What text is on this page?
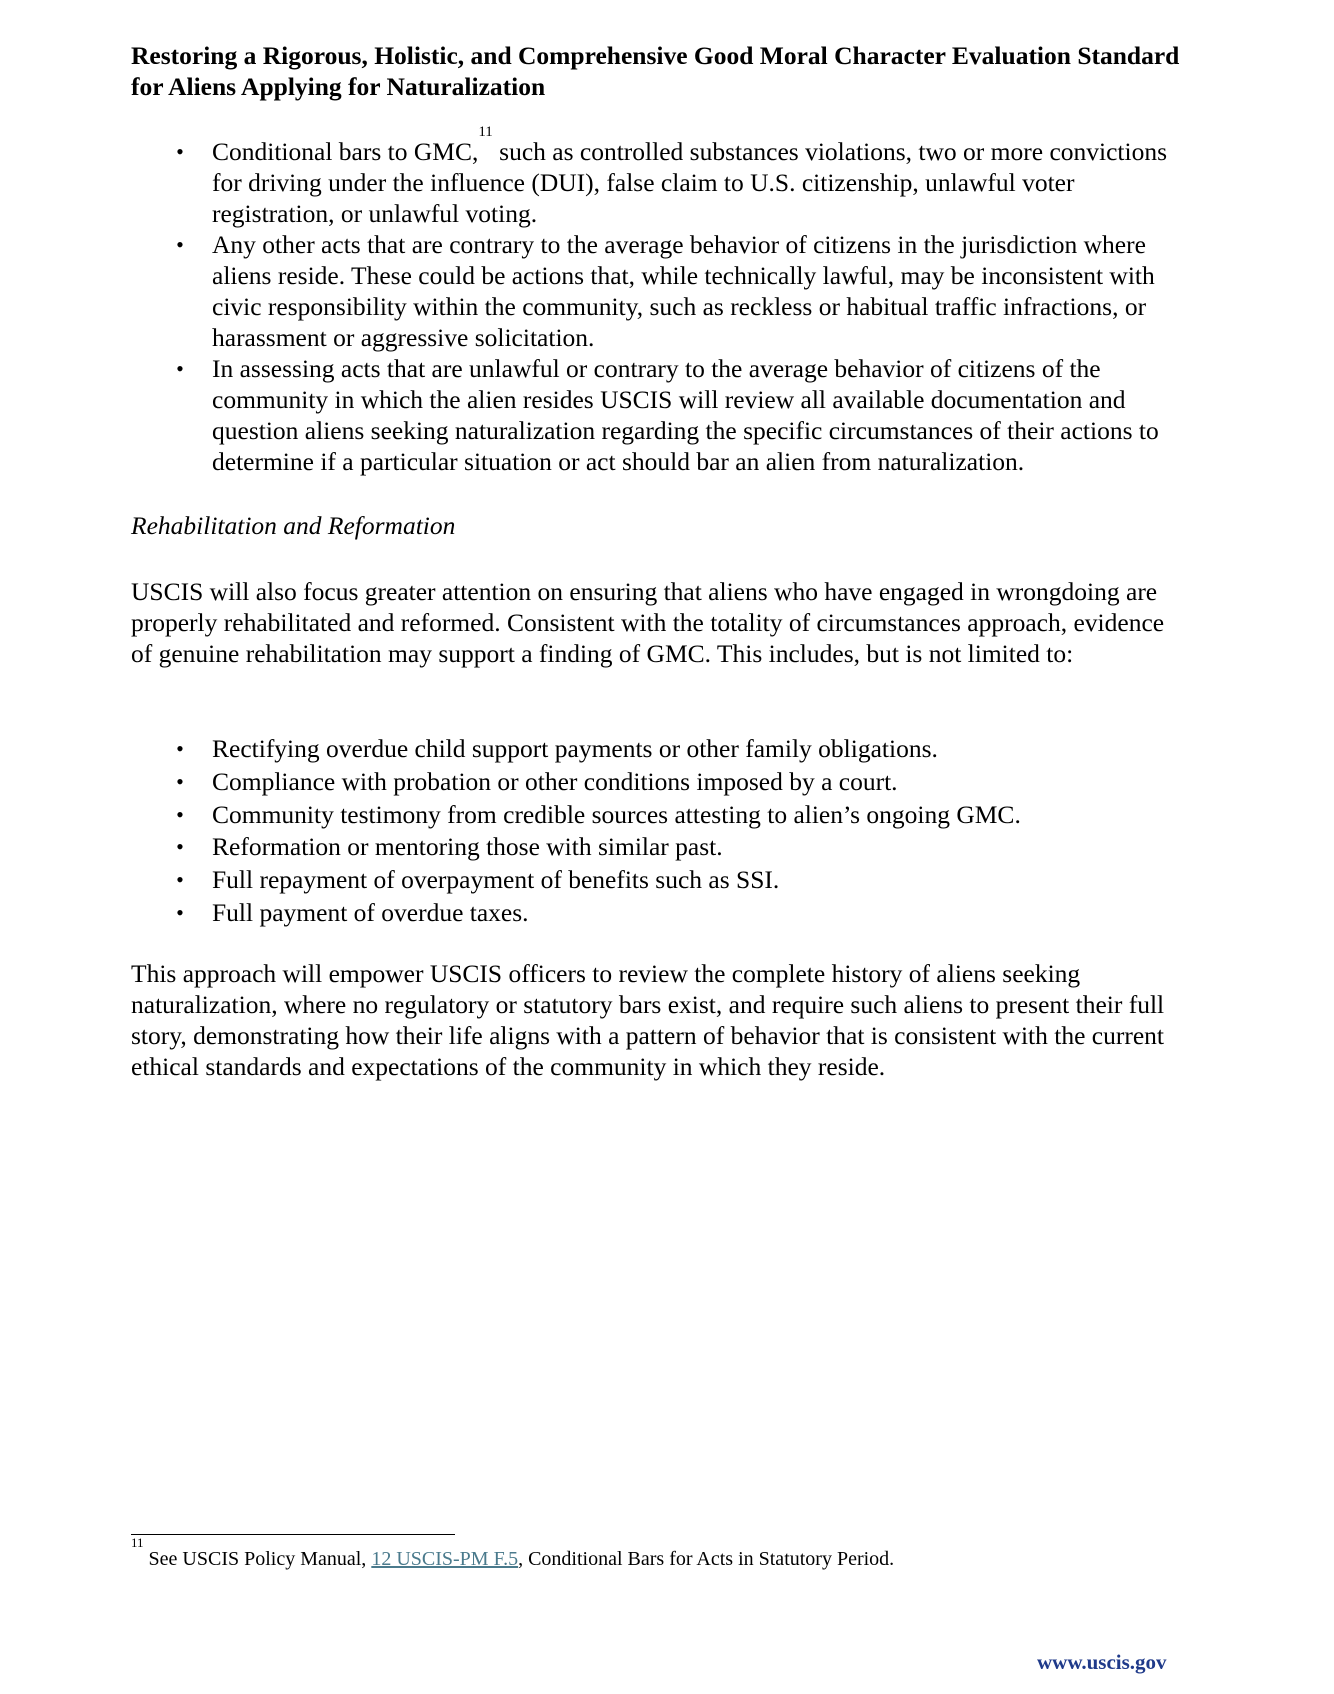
Restoring a Rigorous, Holistic, and Comprehensive Good Moral Character Evaluation Standard for Aliens Applying for Naturalization
• Conditional bars to GMC,$^{11}$ such as controlled substances violations, two or more convictions for driving under the influence (DUI), false claim to U.S. citizenship, unlawful voter registration, or unlawful voting.
• Any other acts that are contrary to the average behavior of citizens in the jurisdiction where aliens reside. These could be actions that, while technically lawful, may be inconsistent with civic responsibility within the community, such as reckless or habitual traffic infractions, or harassment or aggressive solicitation.
• In assessing acts that are unlawful or contrary to the average behavior of citizens of the community in which the alien resides USCIS will review all available documentation and question aliens seeking naturalization regarding the specific circumstances of their actions to determine if a particular situation or act should bar an alien from naturalization.
Rehabilitation and Reformation

USCIS will also focus greater attention on ensuring that aliens who have engaged in wrongdoing are properly rehabilitated and reformed. Consistent with the totality of circumstances approach, evidence of genuine rehabilitation may support a finding of GMC. This includes, but is not limited to:

• Rectifying overdue child support payments or other family obligations.
• Compliance with probation or other conditions imposed by a court.
• Community testimony from credible sources attesting to alien’s ongoing GMC.
• Reformation or mentoring those with similar past.
• Full repayment of overpayment of benefits such as SSI.
• Full payment of overdue taxes.

This approach will empower USCIS officers to review the complete history of aliens seeking naturalization, where no regulatory or statutory bars exist, and require such aliens to present their full story, demonstrating how their life aligns with a pattern of behavior that is consistent with the current ethical standards and expectations of the community in which they reside.

$^{11}$ See USCIS Policy Manual, 12 USCIS-PM F.5, Conditional Bars for Acts in Statutory Period.

www.uscis.gov
